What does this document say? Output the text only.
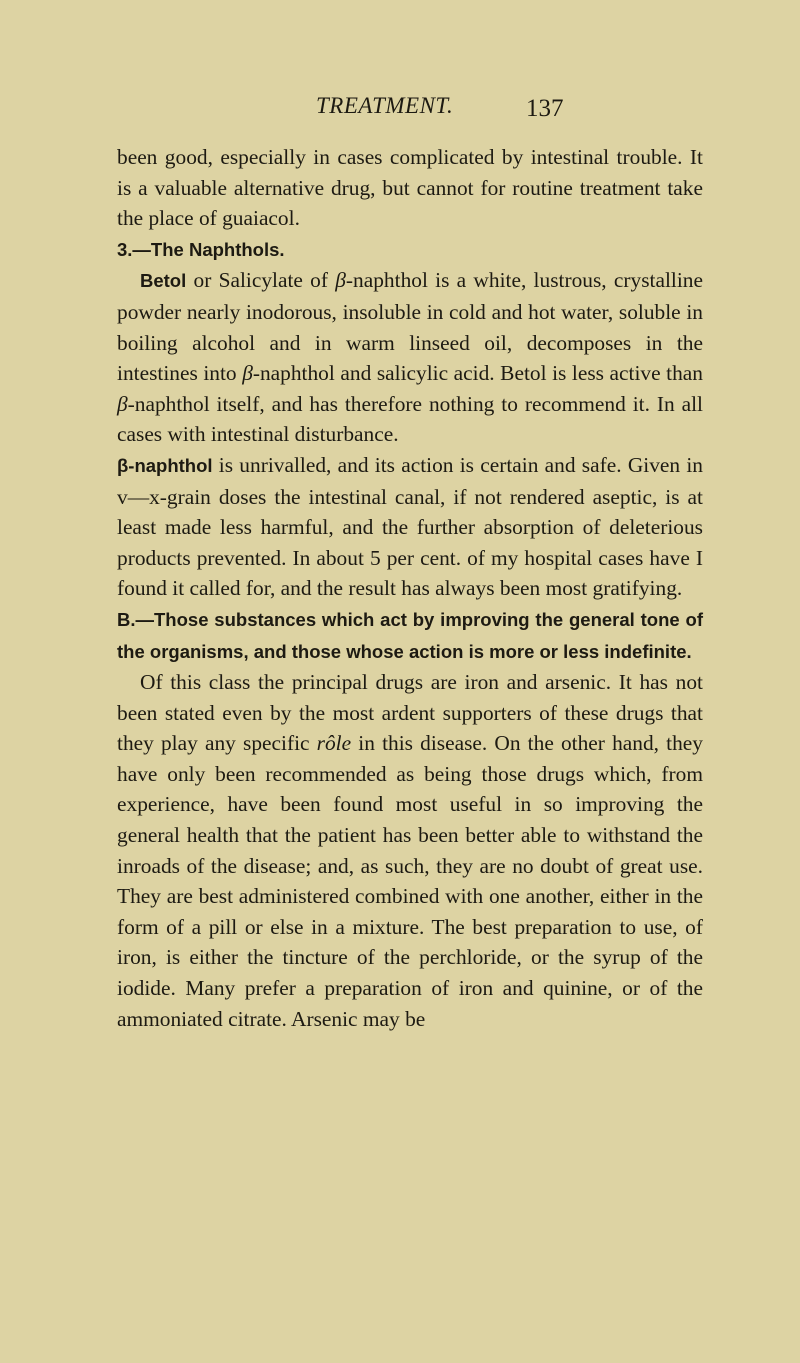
TREATMENT.	137

been good, especially in cases complicated by intestinal trouble. It is a valuable alternative drug, but cannot for routine treatment take the place of guaiacol.

3.—The Naphthols.

Betol or Salicylate of β-naphthol is a white, lustrous, crystalline powder nearly inodorous, insoluble in cold and hot water, soluble in boiling alcohol and in warm linseed oil, decomposes in the intestines into β-naphthol and salicylic acid. Betol is less active than β-naphthol itself, and has therefore nothing to recommend it. In all cases with intestinal disturbance.

β-naphthol is unrivalled, and its action is certain and safe. Given in v—x-grain doses the intestinal canal, if not rendered aseptic, is at least made less harmful, and the further absorption of deleterious products prevented. In about 5 per cent. of my hospital cases have I found it called for, and the result has always been most gratifying.

B.—Those substances which act by improving the general tone of the organisms, and those whose action is more or less indefinite.

Of this class the principal drugs are iron and arsenic. It has not been stated even by the most ardent supporters of these drugs that they play any specific rôle in this disease. On the other hand, they have only been recommended as being those drugs which, from experience, have been found most useful in so improving the general health that the patient has been better able to withstand the inroads of the disease; and, as such, they are no doubt of great use. They are best administered combined with one another, either in the form of a pill or else in a mixture. The best preparation to use, of iron, is either the tincture of the perchloride, or the syrup of the iodide. Many prefer a preparation of iron and quinine, or of the ammoniated citrate. Arsenic may be
